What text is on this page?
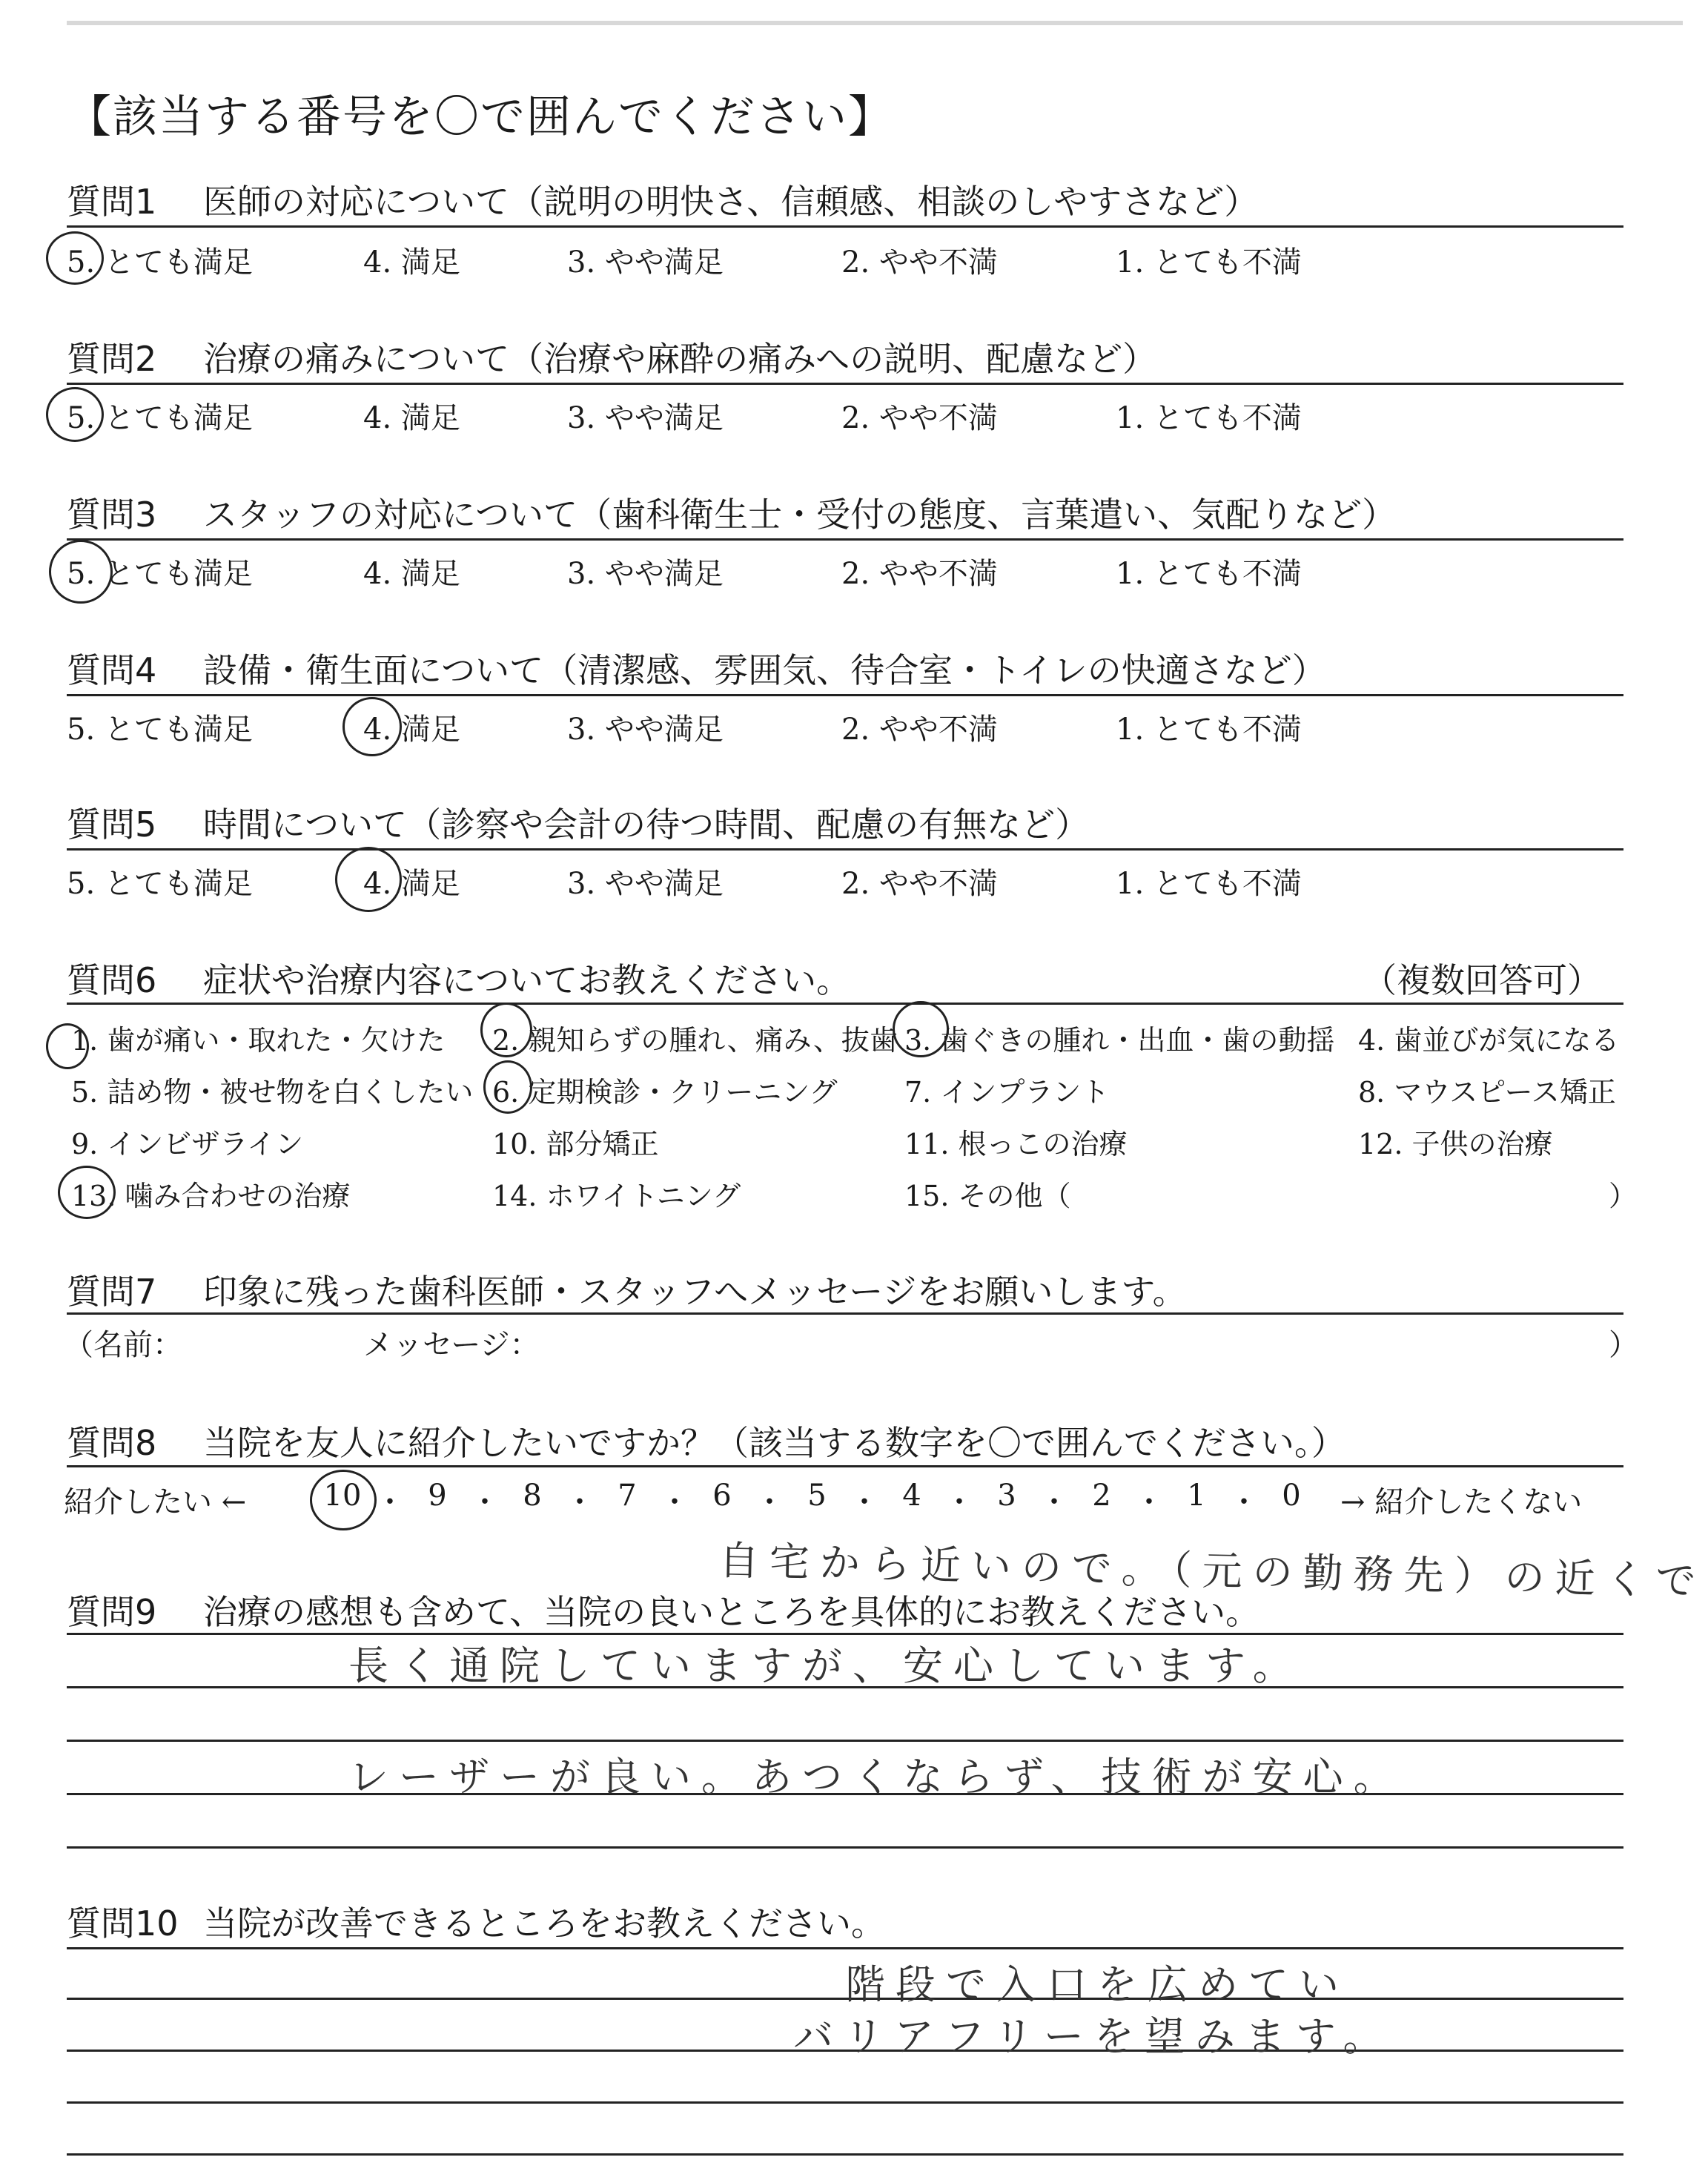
【該当する番号を〇で囲んでください】
質問1 医師の対応について（説明の明快さ、信頼感、相談のしやすさなど）
5. とても満足	4. 満足	3. やや満足	2. やや不満	1. とても不満
質問2 治療の痛みについて（治療や麻酔の痛みへの説明、配慮など）
5. とても満足	4. 満足	3. やや満足	2. やや不満	1. とても不満
質問3 スタッフの対応について（歯科衛生士・受付の態度、言葉遣い、気配りなど）
5. とても満足	4. 満足	3. やや満足	2. やや不満	1. とても不満
質問4 設備・衛生面について（清潔感、雰囲気、待合室・トイレの快適さなど）
5. とても満足	4. 満足	3. やや満足	2. やや不満	1. とても不満
質問5 時間について（診察や会計の待つ時間、配慮の有無など）
5. とても満足	4. 満足	3. やや満足	2. やや不満	1. とても不満
質問6 症状や治療内容についてお教えください。	（複数回答可）
1. 歯が痛い・取れた・欠けた 2. 親知らずの腫れ、痛み、抜歯 3. 歯ぐきの腫れ・出血・歯の動揺 4. 歯並びが気になる
5. 詰め物・被せ物を白くしたい 6. 定期検診・クリーニング 7. インプラント	8. マウスピース矯正
9. インビザライン	10. 部分矯正	11. 根っこの治療	12. 子供の治療
13. 噛み合わせの治療	14. ホワイトニング	15. その他（	）
質問7 印象に残った歯科医師・スタッフへメッセージをお願いします。
（名前：	メッセージ：	）
質問8 当院を友人に紹介したいですか？（該当する数字を〇で囲んでください。）
紹介したい ←	10 ・ 9 ・ 8 ・ 7 ・ 6 ・ 5 ・ 4 ・ 3 ・ 2 ・ 1 ・ 0	→ 紹介したくない
自宅から近いので。（元の勤務先）の近くで
質問9 治療の感想も含めて、当院の良いところを具体的にお教えください。
長く通院していますが、安心しています。
レーザーが良い。あつくならず、技術が安心。
質問10 当院が改善できるところをお教えください。
階段で入口を広めてい
バリアフリーを望みます。
